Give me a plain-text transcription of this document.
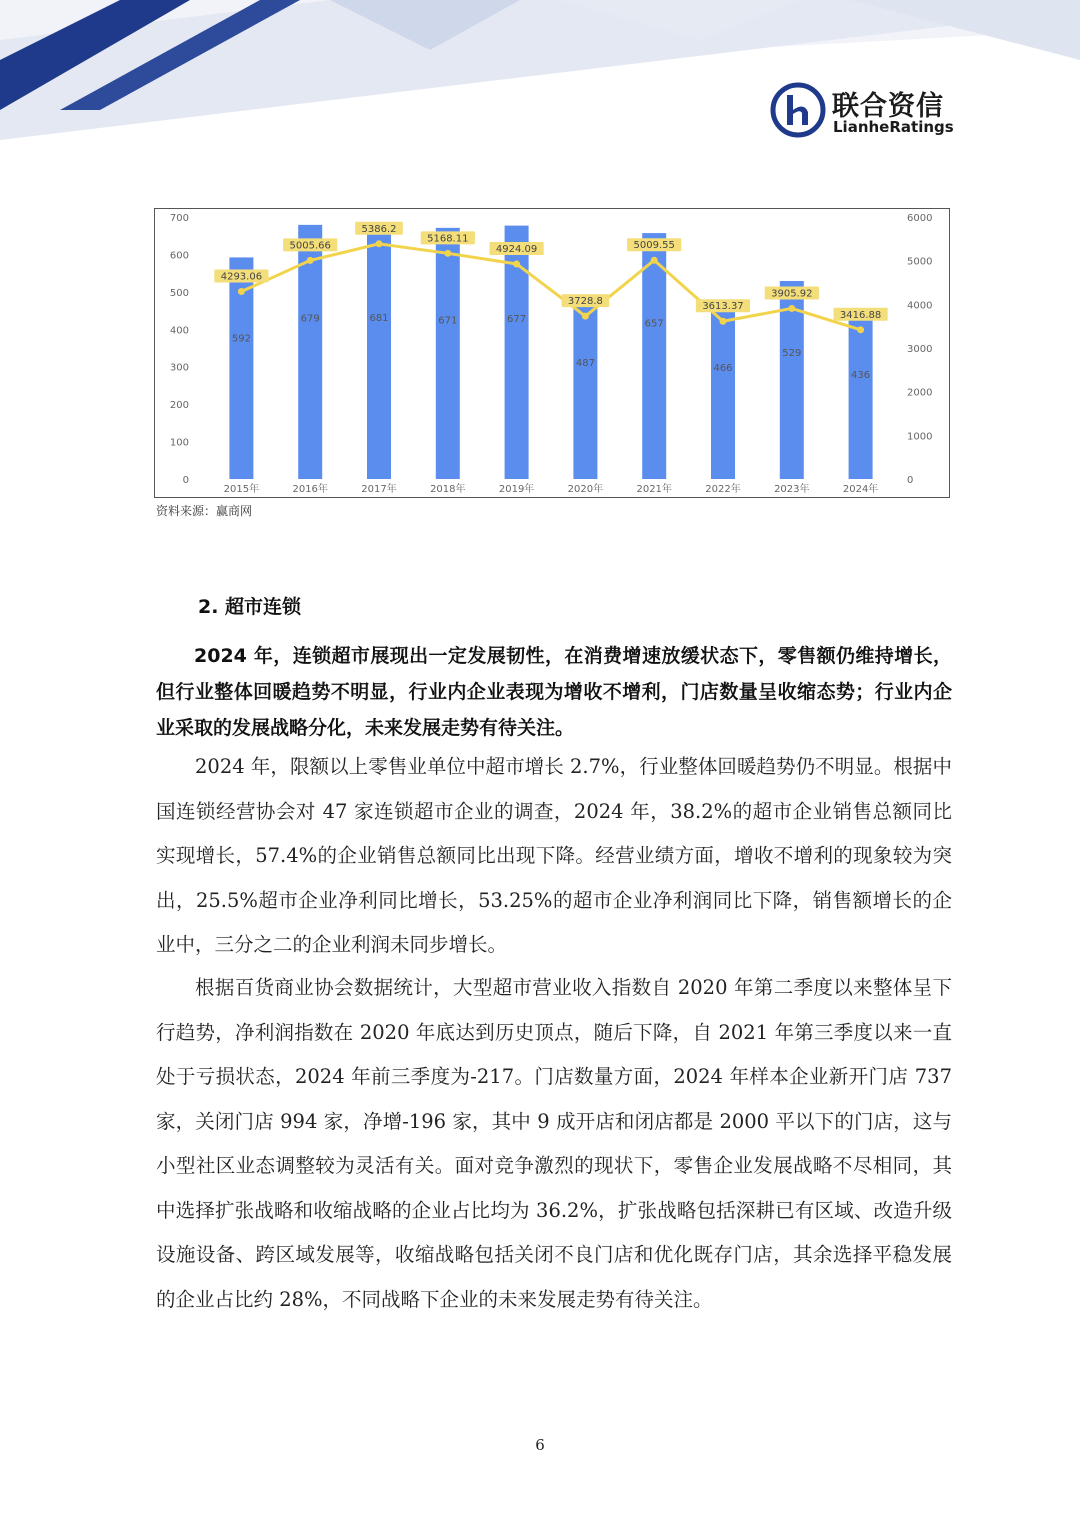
联合资信
LianheRatings
0
100
200
300
400
500
600
700
0
1000
2000
3000
4000
5000
6000
592
679	681	671	677
487
657
466
529
436
4293.06
5005.66
5386.2
5168.11
4924.09
3728.8
5009.55
3613.37
3905.92
3416.88
2015年	2016年	2017年	2018年	2019年	2020年	2021年	2022年	2023年	2024年
资料来源：赢商网
2. 超市连锁

2024 年，连锁超市展现出一定发展韧性，在消费增速放缓状态下，零售额仍维持增长，但行业整体回暖趋势不明显，行业内企业表现为增收不增利，门店数量呈收缩态势；行业内企业采取的发展战略分化，未来发展走势有待关注。

2024 年，限额以上零售业单位中超市增长 2.7%，行业整体回暖趋势仍不明显。根据中国连锁经营协会对 47 家连锁超市企业的调查，2024 年，38.2%的超市企业销售总额同比实现增长，57.4%的企业销售总额同比出现下降。经营业绩方面，增收不增利的现象较为突出，25.5%超市企业净利同比增长，53.25%的超市企业净利润同比下降，销售额增长的企业中，三分之二的企业利润未同步增长。

根据百货商业协会数据统计，大型超市营业收入指数自 2020 年第二季度以来整体呈下行趋势，净利润指数在 2020 年底达到历史顶点，随后下降，自 2021 年第三季度以来一直处于亏损状态，2024 年前三季度为-217。门店数量方面，2024 年样本企业新开门店 737 家，关闭门店 994 家，净增-196 家，其中 9 成开店和闭店都是 2000 平以下的门店，这与小型社区业态调整较为灵活有关。面对竞争激烈的现状下，零售企业发展战略不尽相同，其中选择扩张战略和收缩战略的企业占比均为 36.2%，扩张战略包括深耕已有区域、改造升级设施设备、跨区域发展等，收缩战略包括关闭不良门店和优化既存门店，其余选择平稳发展的企业占比约 28%，不同战略下企业的未来发展走势有待关注。

6
